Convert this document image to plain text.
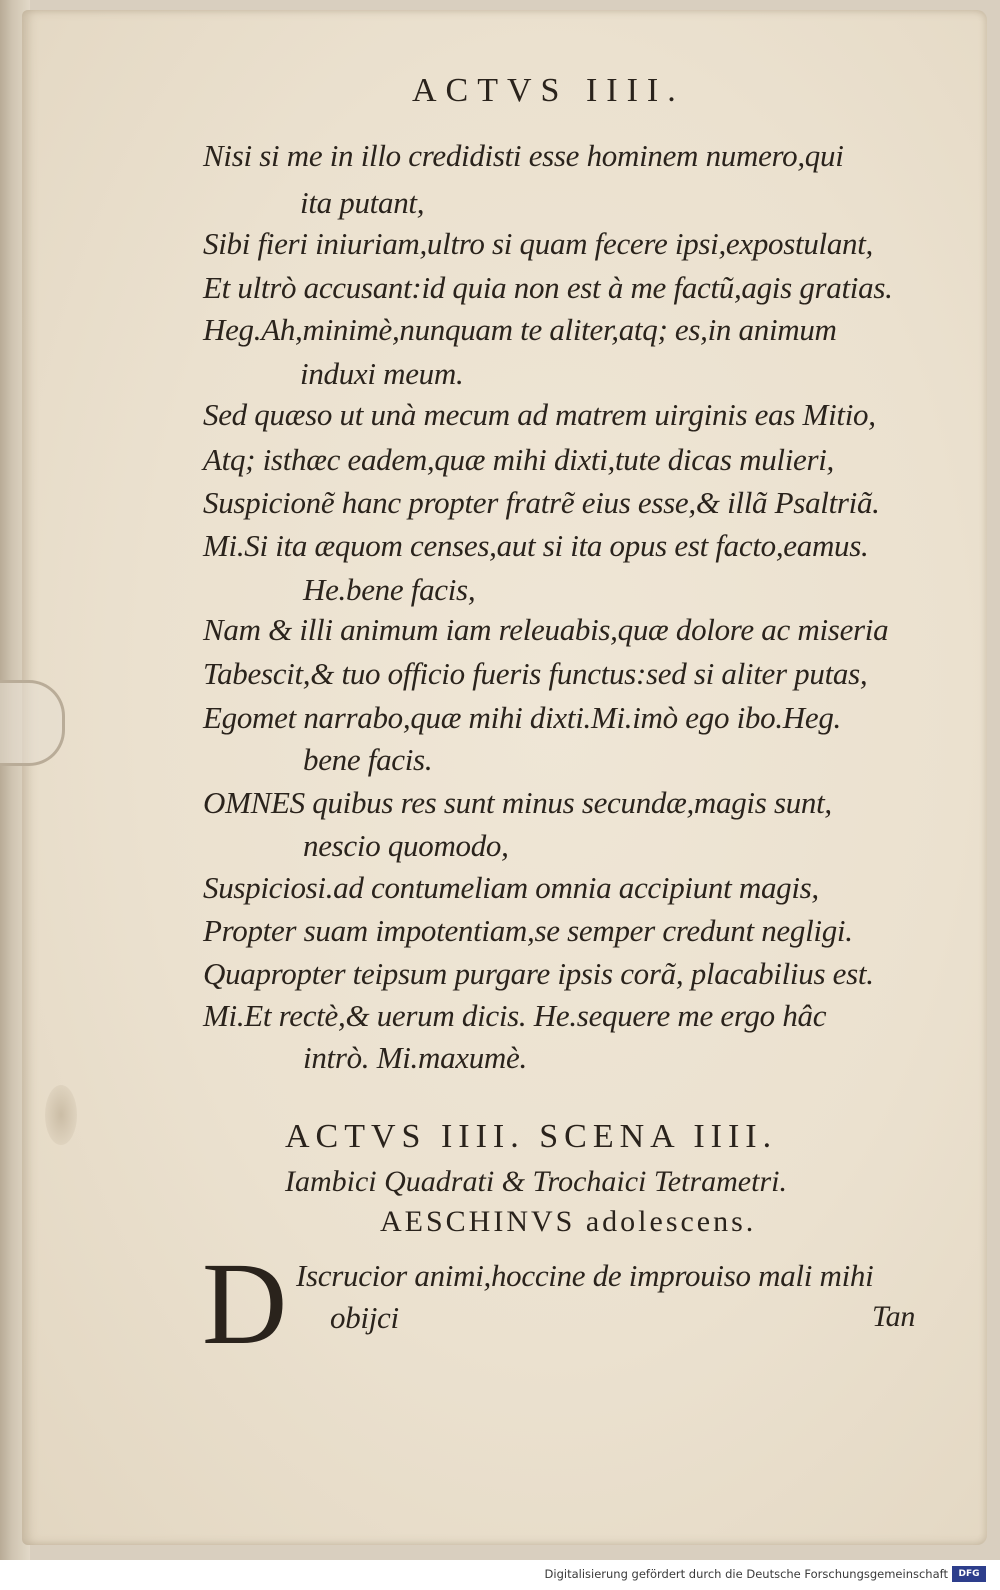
ACTVS IIII.
Nisi si me in illo credidisti esse hominem numero,qui
ita putant,
Sibi fieri iniuriam,ultro si quam fecere ipsi,expostulant,
Et ultrò accusant:id quia non est à me factũ,agis gratias.
Heg.Ah,minimè,nunquam te aliter,atq; es,in animum
induxi meum.
Sed quæso ut unà mecum ad matrem uirginis eas Mitio,
Atq; isthæc eadem,quæ mihi dixti,tute dicas mulieri,
Suspicionẽ hanc propter fratrẽ eius esse,& illã Psaltriã.
Mi.Si ita æquom censes,aut si ita opus est facto,eamus.
He.bene facis,
Nam & illi animum iam releuabis,quæ dolore ac miseria
Tabescit,& tuo officio fueris functus:sed si aliter putas,
Egomet narrabo,quæ mihi dixti.Mi.imò ego ibo.Heg.
bene facis.
OMNES quibus res sunt minus secundæ,magis sunt,
nescio quomodo,
Suspiciosi.ad contumeliam omnia accipiunt magis,
Propter suam impotentiam,se semper credunt negligi.
Quapropter teipsum purgare ipsis corã, placabilius est.
Mi.Et rectè,& uerum dicis. He.sequere me ergo hâc
intrò. Mi.maxumè.
ACTVS IIII. SCENA IIII.
Iambici Quadrati & Trochaici Tetrametri.
AESCHINVS adolescens.
D Iscrucior animi,hoccine de improuiso mali mihi
obijci	Tan
Digitalisierung gefördert durch die Deutsche Forschungsgemeinschaft	DFG
